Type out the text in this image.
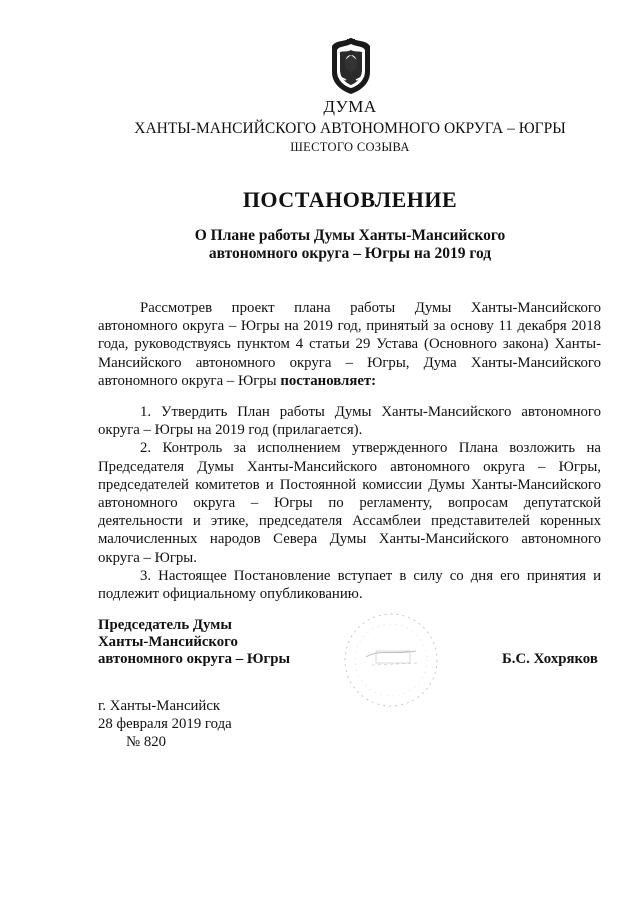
ДУМА
ХАНТЫ-МАНСИЙСКОГО АВТОНОМНОГО ОКРУГА – ЮГРЫ
ШЕСТОГО СОЗЫВА
ПОСТАНОВЛЕНИЕ
О Плане работы Думы Ханты-Мансийского
автономного округа – Югры на 2019 год

Рассмотрев проект плана работы Думы Ханты-Мансийского автономного округа – Югры на 2019 год, принятый за основу 11 декабря 2018 года, руководствуясь пунктом 4 статьи 29 Устава (Основного закона) Ханты-Мансийского автономного округа – Югры, Дума Ханты-Мансийского автономного округа – Югры постановляет:

1. Утвердить План работы Думы Ханты-Мансийского автономного округа – Югры на 2019 год (прилагается).

2. Контроль за исполнением утвержденного Плана возложить на Председателя Думы Ханты-Мансийского автономного округа – Югры, председателей комитетов и Постоянной комиссии Думы Ханты-Мансийского автономного округа – Югры по регламенту, вопросам депутатской деятельности и этике, председателя Ассамблеи представителей коренных малочисленных народов Севера Думы Ханты-Мансийского автономного округа – Югры.

3. Настоящее Постановление вступает в силу со дня его принятия и подлежит официальному опубликованию.

Председатель Думы
Ханты-Мансийского
автономного округа – Югры	Б.С. Хохряков
г. Ханты-Мансийск
28 февраля 2019 года
№ 820
